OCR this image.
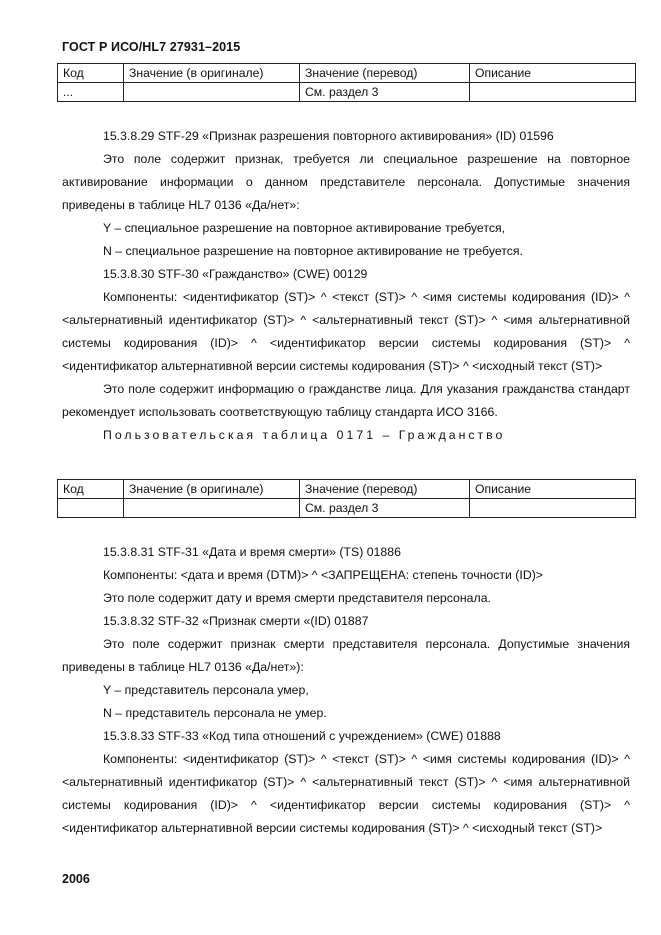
ГОСТ Р ИСО/HL7 27931–2015
Код	Значение (в оригинале)	Значение (перевод)	Описание
...		См. раздел 3	
15.3.8.29 STF-29 «Признак разрешения повторного активирования» (ID) 01596
Это поле содержит признак, требуется ли специальное разрешение на повторное активирование информации о данном представителе персонала. Допустимые значения приведены в таблице HL7 0136 «Да/нет»:
Y – специальное разрешение на повторное активирование требуется,
N – специальное разрешение на повторное активирование не требуется.
15.3.8.30 STF-30 «Гражданство» (CWE) 00129
Компоненты: <идентификатор (ST)> ^ <текст (ST)> ^ <имя системы кодирования (ID)> ^ <альтернативный идентификатор (ST)> ^ <альтернативный текст (ST)> ^ <имя альтернативной системы кодирования (ID)> ^ <идентификатор версии системы кодирования (ST)> ^ <идентификатор альтернативной версии системы кодирования (ST)> ^ <исходный текст (ST)>
Это поле содержит информацию о гражданстве лица. Для указания гражданства стандарт рекомендует использовать соответствующую таблицу стандарта ИСО 3166.
Пользовательская таблица 0171 – Гражданство
Код	Значение (в оригинале)	Значение (перевод)	Описание
		См. раздел 3	
15.3.8.31 STF-31 «Дата и время смерти» (TS) 01886
Компоненты: <дата и время (DTM)> ^ <ЗАПРЕЩЕНА: степень точности (ID)>
Это поле содержит дату и время смерти представителя персонала.
15.3.8.32 STF-32 «Признак смерти «(ID) 01887
Это поле содержит признак смерти представителя персонала. Допустимые значения приведены в таблице HL7 0136 «Да/нет»):
Y – представитель персонала умер,
N – представитель персонала не умер.
15.3.8.33 STF-33 «Код типа отношений с учреждением» (CWE) 01888
Компоненты: <идентификатор (ST)> ^ <текст (ST)> ^ <имя системы кодирования (ID)> ^ <альтернативный идентификатор (ST)> ^ <альтернативный текст (ST)> ^ <имя альтернативной системы кодирования (ID)> ^ <идентификатор версии системы кодирования (ST)> ^ <идентификатор альтернативной версии системы кодирования (ST)> ^ <исходный текст (ST)>
2006
